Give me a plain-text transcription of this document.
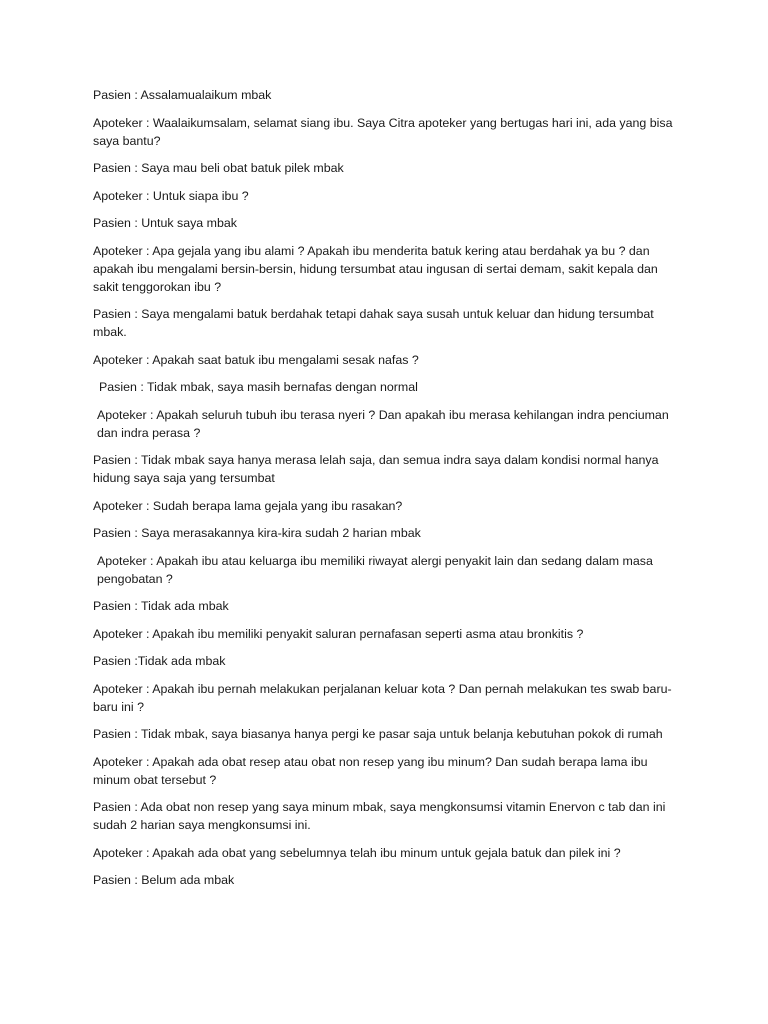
Pasien : Assalamualaikum mbak

Apoteker : Waalaikumsalam, selamat siang ibu. Saya Citra apoteker yang bertugas hari ini, ada yang bisa saya bantu?

Pasien : Saya mau beli obat batuk pilek mbak

Apoteker : Untuk siapa ibu ?

Pasien : Untuk saya mbak

Apoteker : Apa gejala yang ibu alami ? Apakah ibu menderita batuk kering atau berdahak ya bu ? dan apakah ibu mengalami bersin-bersin, hidung tersumbat atau ingusan di sertai demam, sakit kepala dan sakit tenggorokan ibu ?

Pasien : Saya mengalami batuk berdahak tetapi dahak saya susah untuk keluar dan hidung tersumbat mbak.

Apoteker : Apakah saat batuk ibu mengalami sesak nafas ?

Pasien : Tidak mbak, saya masih bernafas dengan normal

Apoteker : Apakah seluruh tubuh ibu terasa nyeri ? Dan apakah ibu merasa kehilangan indra penciuman dan indra perasa ?

Pasien : Tidak mbak saya hanya merasa lelah saja, dan semua indra saya dalam kondisi normal hanya hidung saya saja yang tersumbat

Apoteker : Sudah berapa lama gejala yang ibu rasakan?

Pasien : Saya merasakannya kira-kira sudah 2 harian mbak

Apoteker : Apakah ibu atau keluarga ibu memiliki riwayat alergi penyakit lain dan sedang dalam masa pengobatan ?

Pasien : Tidak ada mbak

Apoteker : Apakah ibu memiliki penyakit saluran pernafasan seperti asma atau bronkitis ?

Pasien :Tidak ada mbak

Apoteker : Apakah ibu pernah melakukan perjalanan keluar kota ? Dan pernah melakukan tes swab baru-baru ini ?

Pasien : Tidak mbak, saya biasanya hanya pergi ke pasar saja untuk belanja kebutuhan pokok di rumah

Apoteker : Apakah ada obat resep atau obat non resep yang ibu minum? Dan sudah berapa lama ibu minum obat tersebut ?

Pasien : Ada obat non resep yang saya minum mbak, saya mengkonsumsi vitamin Enervon c tab dan ini sudah 2 harian saya mengkonsumsi ini.

Apoteker : Apakah ada obat yang sebelumnya telah ibu minum untuk gejala batuk dan pilek ini ?

Pasien : Belum ada mbak
